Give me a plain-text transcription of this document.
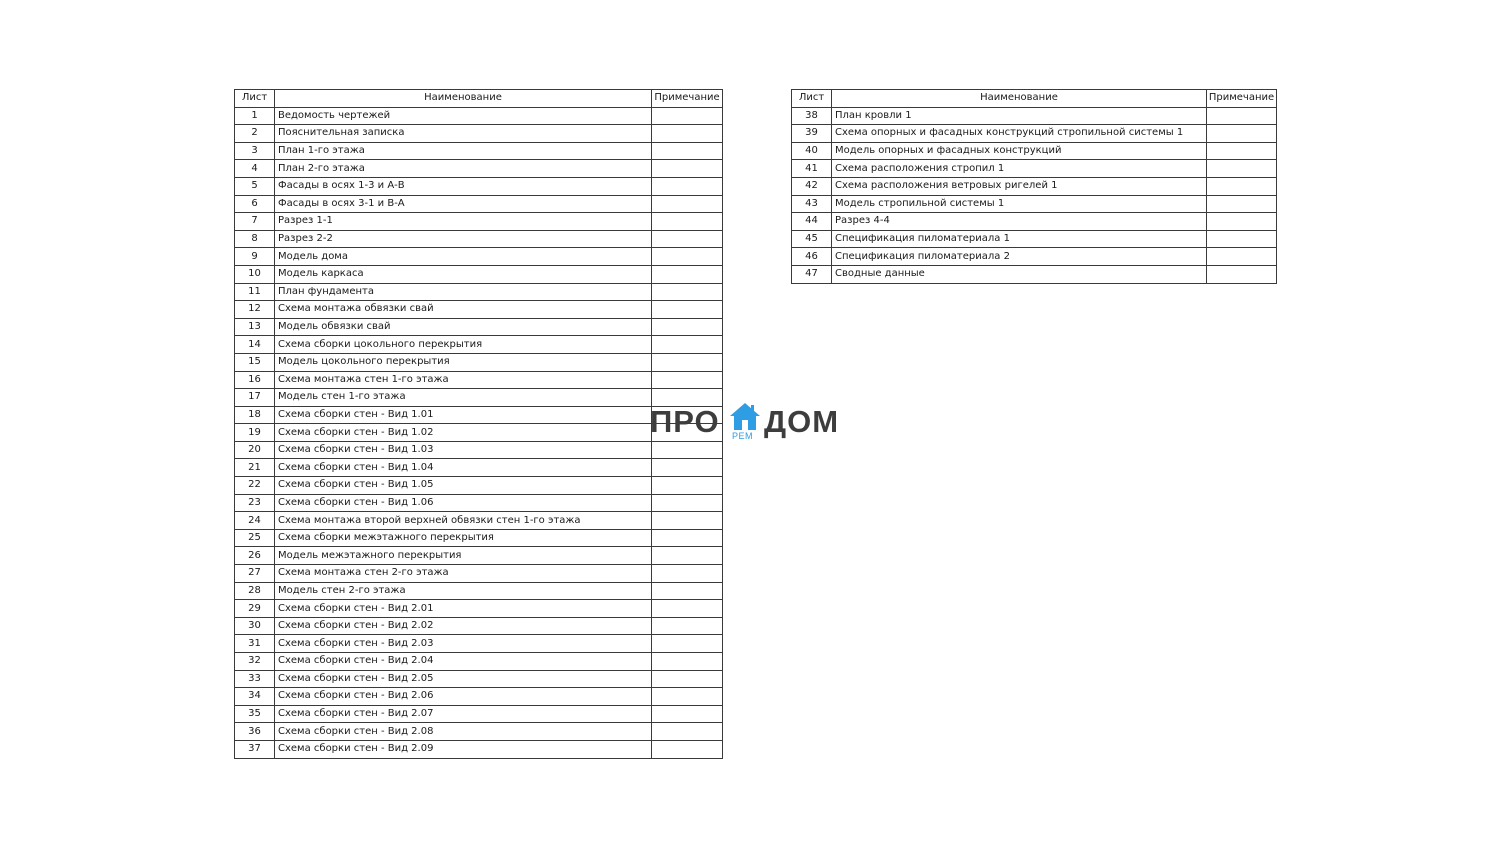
Лист	Наименование	Примечание
1	Ведомость чертежей	
2	Пояснительная записка	
3	План 1-го этажа	
4	План 2-го этажа	
5	Фасады в осях 1-3 и А-В	
6	Фасады в осях 3-1 и В-А	
7	Разрез 1-1	
8	Разрез 2-2	
9	Модель дома	
10	Модель каркаса	
11	План фундамента	
12	Схема монтажа обвязки свай	
13	Модель обвязки свай	
14	Схема сборки цокольного перекрытия	
15	Модель цокольного перекрытия	
16	Схема монтажа стен 1-го этажа	
17	Модель стен 1-го этажа	
18	Схема сборки стен - Вид 1.01	
19	Схема сборки стен - Вид 1.02	
20	Схема сборки стен - Вид 1.03	
21	Схема сборки стен - Вид 1.04	
22	Схема сборки стен - Вид 1.05	
23	Схема сборки стен - Вид 1.06	
24	Схема монтажа второй верхней обвязки стен 1-го этажа	
25	Схема сборки межэтажного перекрытия	
26	Модель межэтажного перекрытия	
27	Схема монтажа стен 2-го этажа	
28	Модель стен 2-го этажа	
29	Схема сборки стен - Вид 2.01	
30	Схема сборки стен - Вид 2.02	
31	Схема сборки стен - Вид 2.03	
32	Схема сборки стен - Вид 2.04	
33	Схема сборки стен - Вид 2.05	
34	Схема сборки стен - Вид 2.06	
35	Схема сборки стен - Вид 2.07	
36	Схема сборки стен - Вид 2.08	
37	Схема сборки стен - Вид 2.09	
Лист	Наименование	Примечание
38	План кровли 1	
39	Схема опорных и фасадных конструкций стропильной системы 1	
40	Модель опорных и фасадных конструкций	
41	Схема расположения стропил 1	
42	Схема расположения ветровых ригелей 1	
43	Модель стропильной системы 1	
44	Разрез 4-4	
45	Спецификация пиломатериала 1	
46	Спецификация пиломатериала 2	
47	Сводные данные	
ПРО РЕМ ДОМ
